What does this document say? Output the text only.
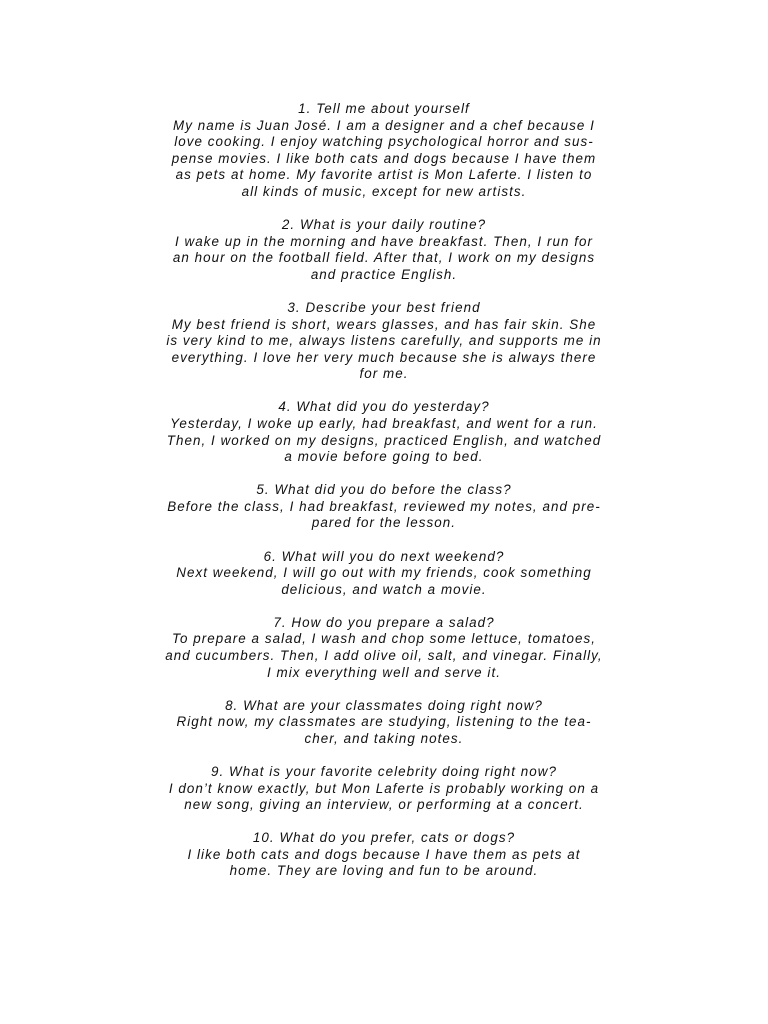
1. Tell me about yourself
My name is Juan José. I am a designer and a chef because I
love cooking. I enjoy watching psychological horror and sus-
pense movies. I like both cats and dogs because I have them
as pets at home. My favorite artist is Mon Laferte. I listen to
all kinds of music, except for new artists.
2. What is your daily routine?
I wake up in the morning and have breakfast. Then, I run for
an hour on the football field. After that, I work on my designs
and practice English.
3. Describe your best friend
My best friend is short, wears glasses, and has fair skin. She
is very kind to me, always listens carefully, and supports me in
everything. I love her very much because she is always there
for me.
4. What did you do yesterday?
Yesterday, I woke up early, had breakfast, and went for a run.
Then, I worked on my designs, practiced English, and watched
a movie before going to bed.
5. What did you do before the class?
Before the class, I had breakfast, reviewed my notes, and pre-
pared for the lesson.
6. What will you do next weekend?
Next weekend, I will go out with my friends, cook something
delicious, and watch a movie.
7. How do you prepare a salad?
To prepare a salad, I wash and chop some lettuce, tomatoes,
and cucumbers. Then, I add olive oil, salt, and vinegar. Finally,
I mix everything well and serve it.
8. What are your classmates doing right now?
Right now, my classmates are studying, listening to the tea-
cher, and taking notes.
9. What is your favorite celebrity doing right now?
I don’t know exactly, but Mon Laferte is probably working on a
new song, giving an interview, or performing at a concert.
10. What do you prefer, cats or dogs?
I like both cats and dogs because I have them as pets at
home. They are loving and fun to be around.
